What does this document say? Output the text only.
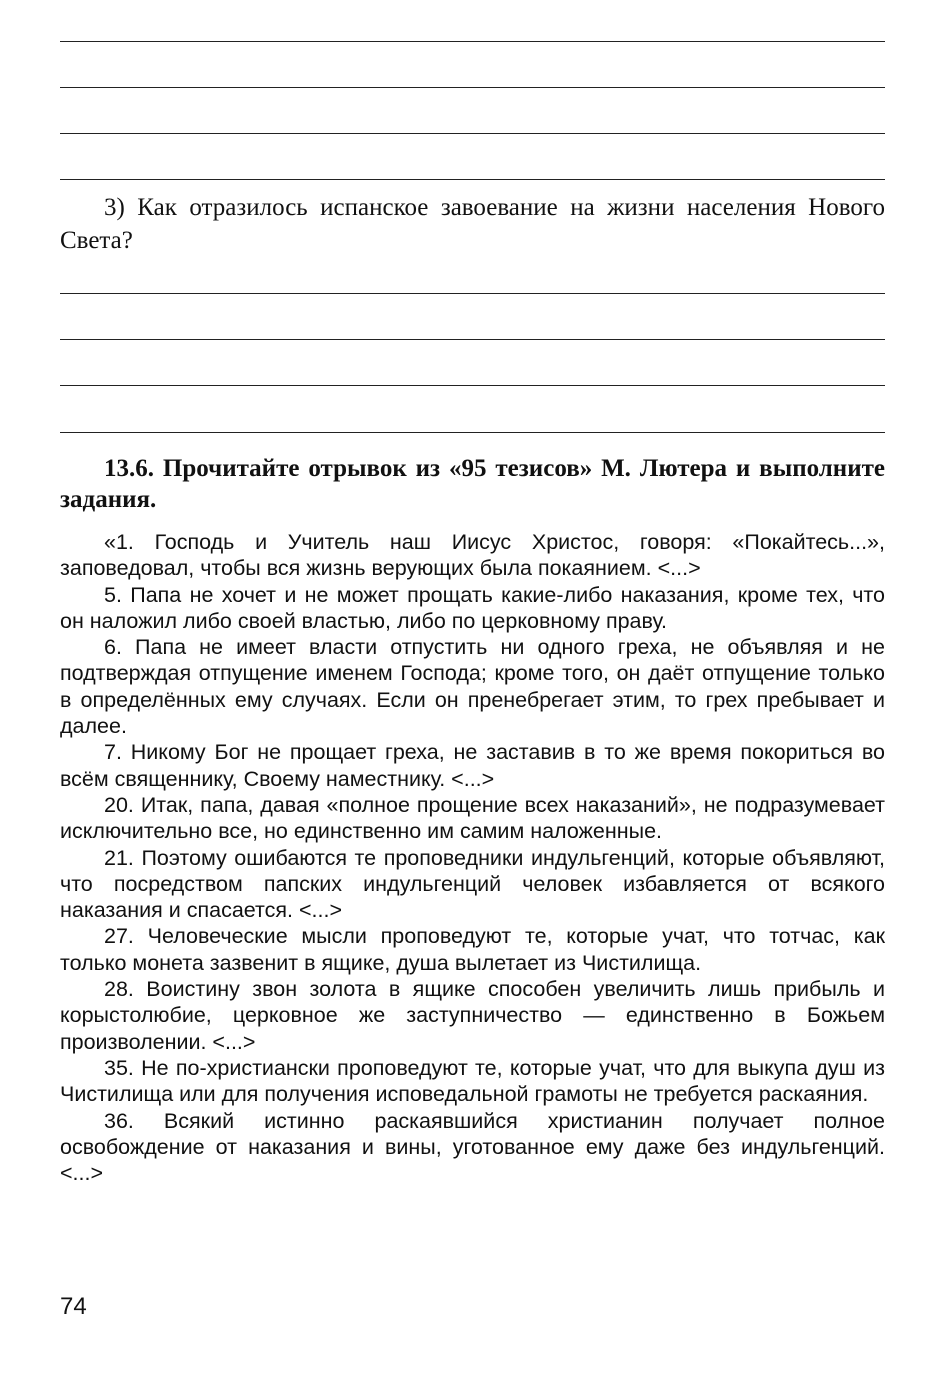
3) Как отразилось испанское завоевание на жизни населения Нового Света?
13.6. Прочитайте отрывок из «95 тезисов» М. Лютера и выполните задания.

«1. Господь и Учитель наш Иисус Христос, говоря: «Покайтесь...», заповедовал, чтобы вся жизнь верующих была покаянием. <...>

5. Папа не хочет и не может прощать какие-либо наказания, кроме тех, что он наложил либо своей властью, либо по церковному праву.

6. Папа не имеет власти отпустить ни одного греха, не объявляя и не подтверждая отпущение именем Господа; кроме того, он даёт отпущение только в определённых ему случаях. Если он пренебрегает этим, то грех пребывает и далее.

7. Никому Бог не прощает греха, не заставив в то же время покориться во всём священнику, Своему наместнику. <...>

20. Итак, папа, давая «полное прощение всех наказаний», не подразумевает исключительно все, но единственно им самим наложенные.

21. Поэтому ошибаются те проповедники индульгенций, которые объявляют, что посредством папских индульгенций человек избавляется от всякого наказания и спасается. <...>

27. Человеческие мысли проповедуют те, которые учат, что тотчас, как только монета зазвенит в ящике, душа вылетает из Чистилища.

28. Воистину звон золота в ящике способен увеличить лишь прибыль и корыстолюбие, церковное же заступничество — единственно в Божьем произволении. <...>

35. Не по-христиански проповедуют те, которые учат, что для выкупа душ из Чистилища или для получения исповедальной грамоты не требуется раскаяния.

36. Всякий истинно раскаявшийся христианин получает полное освобождение от наказания и вины, уготованное ему даже без индульгенций. <...>

74
